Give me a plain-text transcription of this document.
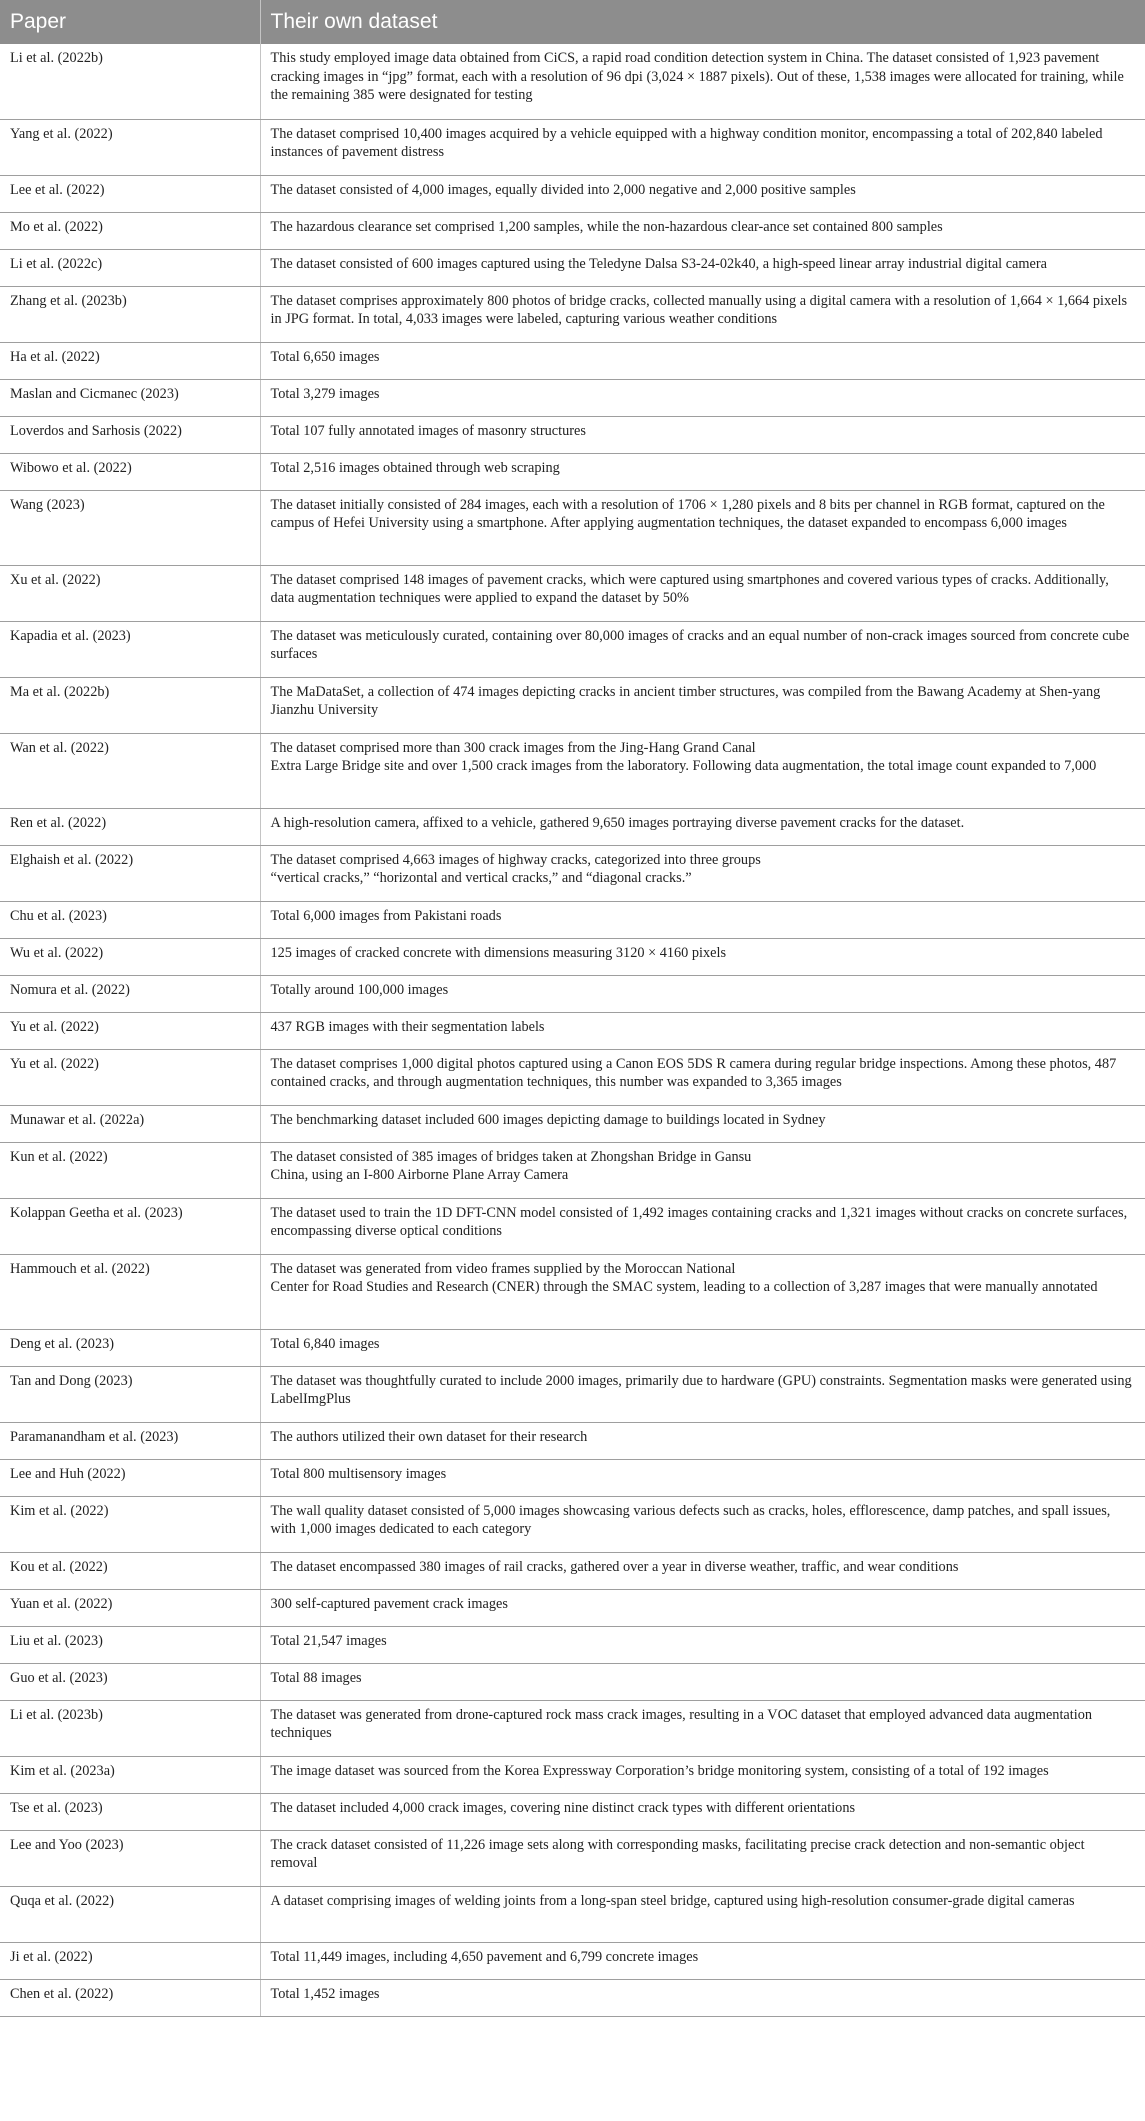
Paper	Their own dataset
Li et al. (2022b)	This study employed image data obtained from CiCS, a rapid road condition detection system in China. The dataset consisted of 1,923 pavement cracking images in “jpg” format, each with a resolution of 96 dpi (3,024 × 1887 pixels). Out of these, 1,538 images were allocated for training, while the remaining 385 were designated for testing
Yang et al. (2022)	The dataset comprised 10,400 images acquired by a vehicle equipped with a highway condition monitor, encompassing a total of 202,840 labeled instances of pavement distress
Lee et al. (2022)	The dataset consisted of 4,000 images, equally divided into 2,000 negative and 2,000 positive samples
Mo et al. (2022)	The hazardous clearance set comprised 1,200 samples, while the non-hazardous clear-ance set contained 800 samples
Li et al. (2022c)	The dataset consisted of 600 images captured using the Teledyne Dalsa S3-24-02k40, a high-speed linear array industrial digital camera
Zhang et al. (2023b)	The dataset comprises approximately 800 photos of bridge cracks, collected manually using a digital camera with a resolution of 1,664 × 1,664 pixels in JPG format. In total, 4,033 images were labeled, capturing various weather conditions
Ha et al. (2022)	Total 6,650 images
Maslan and Cicmanec (2023)	Total 3,279 images
Loverdos and Sarhosis (2022)	Total 107 fully annotated images of masonry structures
Wibowo et al. (2022)	Total 2,516 images obtained through web scraping
Wang (2023)	The dataset initially consisted of 284 images, each with a resolution of 1706 × 1,280 pixels and 8 bits per channel in RGB format, captured on the campus of Hefei University using a smartphone. After applying augmentation techniques, the dataset expanded to encompass 6,000 images
Xu et al. (2022)	The dataset comprised 148 images of pavement cracks, which were captured using smartphones and covered various types of cracks. Additionally, data augmentation techniques were applied to expand the dataset by 50%
Kapadia et al. (2023)	The dataset was meticulously curated, containing over 80,000 images of cracks and an equal number of non-crack images sourced from concrete cube surfaces
Ma et al. (2022b)	The MaDataSet, a collection of 474 images depicting cracks in ancient timber structures, was compiled from the Bawang Academy at Shen-yang Jianzhu University
Wan et al. (2022)	The dataset comprised more than 300 crack images from the Jing-Hang Grand Canal
Extra Large Bridge site and over 1,500 crack images from the laboratory. Following data augmentation, the total image count expanded to 7,000
Ren et al. (2022)	A high-resolution camera, affixed to a vehicle, gathered 9,650 images portraying diverse pavement cracks for the dataset.
Elghaish et al. (2022)	The dataset comprised 4,663 images of highway cracks, categorized into three groups
“vertical cracks,” “horizontal and vertical cracks,” and “diagonal cracks.”
Chu et al. (2023)	Total 6,000 images from Pakistani roads
Wu et al. (2022)	125 images of cracked concrete with dimensions measuring 3120 × 4160 pixels
Nomura et al. (2022)	Totally around 100,000 images
Yu et al. (2022)	437 RGB images with their segmentation labels
Yu et al. (2022)	The dataset comprises 1,000 digital photos captured using a Canon EOS 5DS R camera during regular bridge inspections. Among these photos, 487 contained cracks, and through augmentation techniques, this number was expanded to 3,365 images
Munawar et al. (2022a)	The benchmarking dataset included 600 images depicting damage to buildings located in Sydney
Kun et al. (2022)	The dataset consisted of 385 images of bridges taken at Zhongshan Bridge in Gansu
China, using an I-800 Airborne Plane Array Camera
Kolappan Geetha et al. (2023)	The dataset used to train the 1D DFT-CNN model consisted of 1,492 images containing cracks and 1,321 images without cracks on concrete surfaces, encompassing diverse optical conditions
Hammouch et al. (2022)	The dataset was generated from video frames supplied by the Moroccan National
Center for Road Studies and Research (CNER) through the SMAC system, leading to a collection of 3,287 images that were manually annotated
Deng et al. (2023)	Total 6,840 images
Tan and Dong (2023)	The dataset was thoughtfully curated to include 2000 images, primarily due to hardware (GPU) constraints. Segmentation masks were generated using LabelImgPlus
Paramanandham et al. (2023)	The authors utilized their own dataset for their research
Lee and Huh (2022)	Total 800 multisensory images
Kim et al. (2022)	The wall quality dataset consisted of 5,000 images showcasing various defects such as cracks, holes, efflorescence, damp patches, and spall issues, with 1,000 images dedicated to each category
Kou et al. (2022)	The dataset encompassed 380 images of rail cracks, gathered over a year in diverse weather, traffic, and wear conditions
Yuan et al. (2022)	300 self-captured pavement crack images
Liu et al. (2023)	Total 21,547 images
Guo et al. (2023)	Total 88 images
Li et al. (2023b)	The dataset was generated from drone-captured rock mass crack images, resulting in a VOC dataset that employed advanced data augmentation techniques
Kim et al. (2023a)	The image dataset was sourced from the Korea Expressway Corporation’s bridge monitoring system, consisting of a total of 192 images
Tse et al. (2023)	The dataset included 4,000 crack images, covering nine distinct crack types with different orientations
Lee and Yoo (2023)	The crack dataset consisted of 11,226 image sets along with corresponding masks, facilitating precise crack detection and non-semantic object removal
Quqa et al. (2022)	A dataset comprising images of welding joints from a long-span steel bridge, captured using high-resolution consumer-grade digital cameras
Ji et al. (2022)	Total 11,449 images, including 4,650 pavement and 6,799 concrete images
Chen et al. (2022)	Total 1,452 images
